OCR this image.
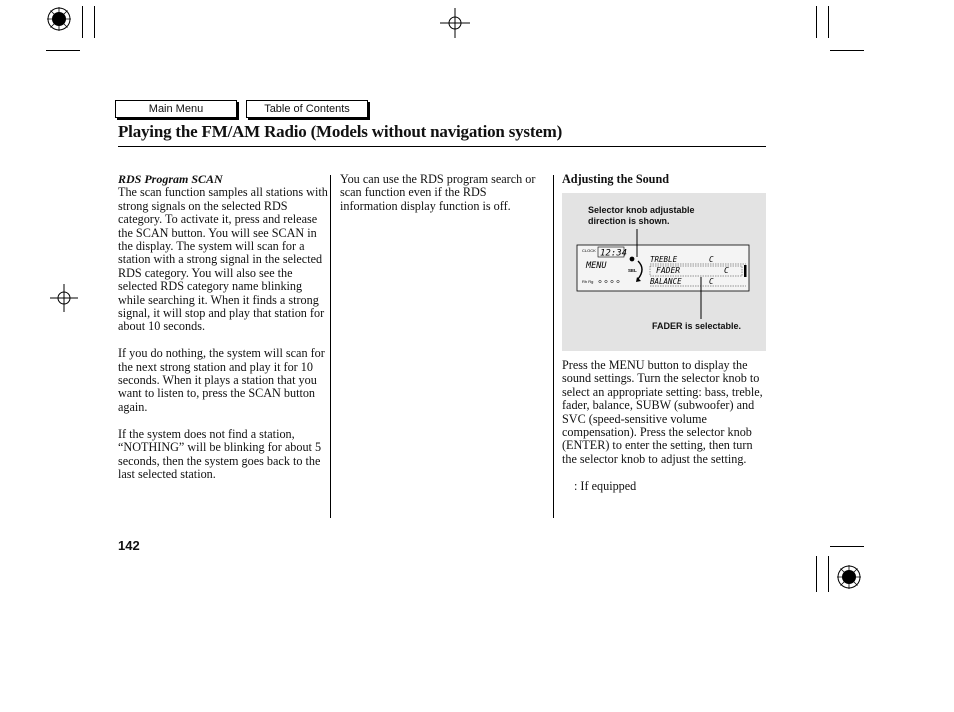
Main Menu	Table of Contents
Playing the FM/AM Radio (Models without navigation system)
RDS Program SCAN

The scan function samples all stations with strong signals on the selected RDS category. To activate it, press and release the SCAN button. You will see SCAN in the display. The system will scan for a station with a strong signal in the selected RDS category. You will also see the selected RDS category name blinking while searching it. When it finds a strong signal, it will stop and play that station for about 10 seconds.

If you do nothing, the system will scan for the next strong station and play it for 10 seconds. When it plays a station that you want to listen to, press the SCAN button again.

If the system does not find a station, “NOTHING” will be blinking for about 5 seconds, then the system goes back to the last selected station.

You can use the RDS program search or scan function even if the RDS information display function is off.

Adjusting the Sound
Selector knob adjustable direction is shown.
FADER is selectable.
CLOCK 12:34
MENU
Rh Rg
SEL
TREBLE	C
FADER	C
BALANCE	C

Press the MENU button to display the sound settings. Turn the selector knob to select an appropriate setting: bass, treble, fader, balance, SUBW (subwoofer) and SVC (speed-sensitive volume compensation). Press the selector knob (ENTER) to enter the setting, then turn the selector knob to adjust the setting.

: If equipped

142
